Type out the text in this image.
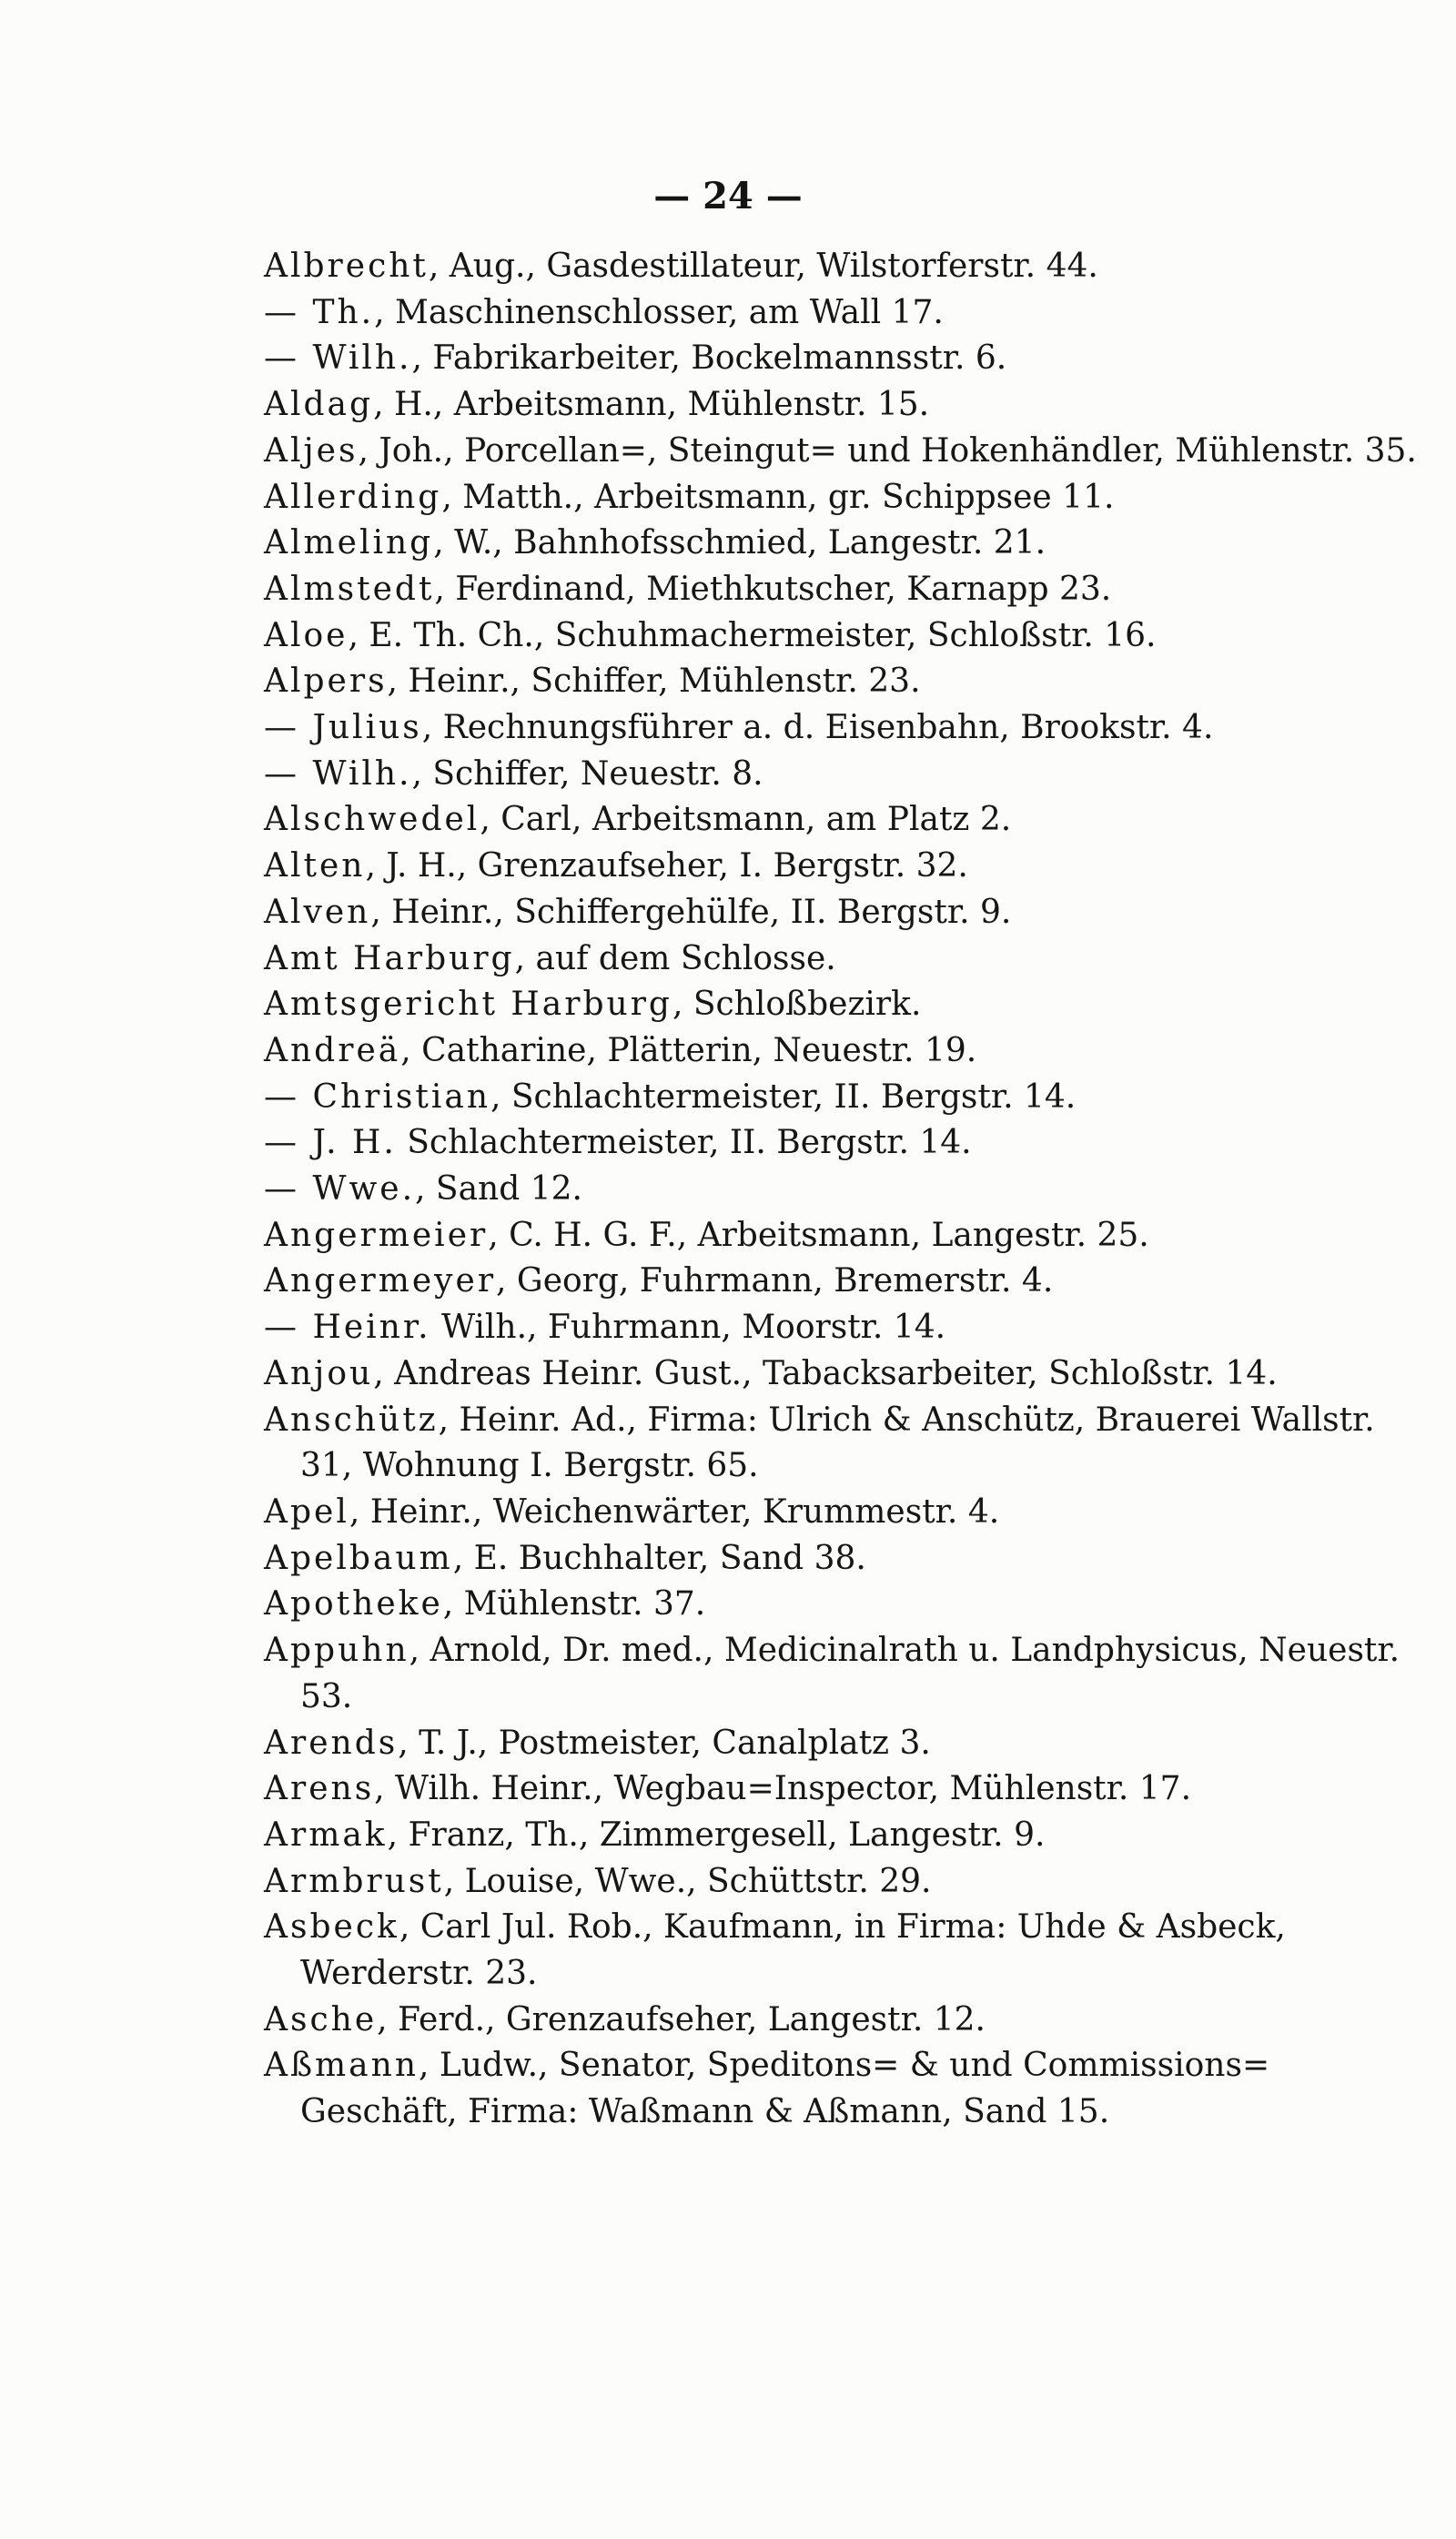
— 24 —

Albrecht, Aug., Gasdestillateur, Wilstorferstr. 44.

— Th., Maschinenschlosser, am Wall 17.

— Wilh., Fabrikarbeiter, Bockelmannsstr. 6.

Aldag, H., Arbeitsmann, Mühlenstr. 15.

Aljes, Joh., Porcellan=, Steingut= und Hokenhändler, Mühlenstr. 35.

Allerding, Matth., Arbeitsmann, gr. Schippsee 11.

Almeling, W., Bahnhofsschmied, Langestr. 21.

Almstedt, Ferdinand, Miethkutscher, Karnapp 23.

Aloe, E. Th. Ch., Schuhmachermeister, Schloßstr. 16.

Alpers, Heinr., Schiffer, Mühlenstr. 23.

— Julius, Rechnungsführer a. d. Eisenbahn, Brookstr. 4.

— Wilh., Schiffer, Neuestr. 8.

Alschwedel, Carl, Arbeitsmann, am Platz 2.

Alten, J. H., Grenzaufseher, I. Bergstr. 32.

Alven, Heinr., Schiffergehülfe, II. Bergstr. 9.

Amt Harburg, auf dem Schlosse.

Amtsgericht Harburg, Schloßbezirk.

Andreä, Catharine, Plätterin, Neuestr. 19.

— Christian, Schlachtermeister, II. Bergstr. 14.

— J. H. Schlachtermeister, II. Bergstr. 14.

— Wwe., Sand 12.

Angermeier, C. H. G. F., Arbeitsmann, Langestr. 25.

Angermeyer, Georg, Fuhrmann, Bremerstr. 4.

— Heinr. Wilh., Fuhrmann, Moorstr. 14.

Anjou, Andreas Heinr. Gust., Tabacksarbeiter, Schloßstr. 14.

Anschütz, Heinr. Ad., Firma: Ulrich & Anschütz, Brauerei Wallstr. 31, Wohnung I. Bergstr. 65.

Apel, Heinr., Weichenwärter, Krummestr. 4.

Apelbaum, E. Buchhalter, Sand 38.

Apotheke, Mühlenstr. 37.

Appuhn, Arnold, Dr. med., Medicinalrath u. Landphysicus, Neuestr. 53.

Arends, T. J., Postmeister, Canalplatz 3.

Arens, Wilh. Heinr., Wegbau=Inspector, Mühlenstr. 17.

Armak, Franz, Th., Zimmergesell, Langestr. 9.

Armbrust, Louise, Wwe., Schüttstr. 29.

Asbeck, Carl Jul. Rob., Kaufmann, in Firma: Uhde & Asbeck, Werderstr. 23.

Asche, Ferd., Grenzaufseher, Langestr. 12.

Aßmann, Ludw., Senator, Speditons= & und Commissions= Geschäft, Firma: Waßmann & Aßmann, Sand 15.
